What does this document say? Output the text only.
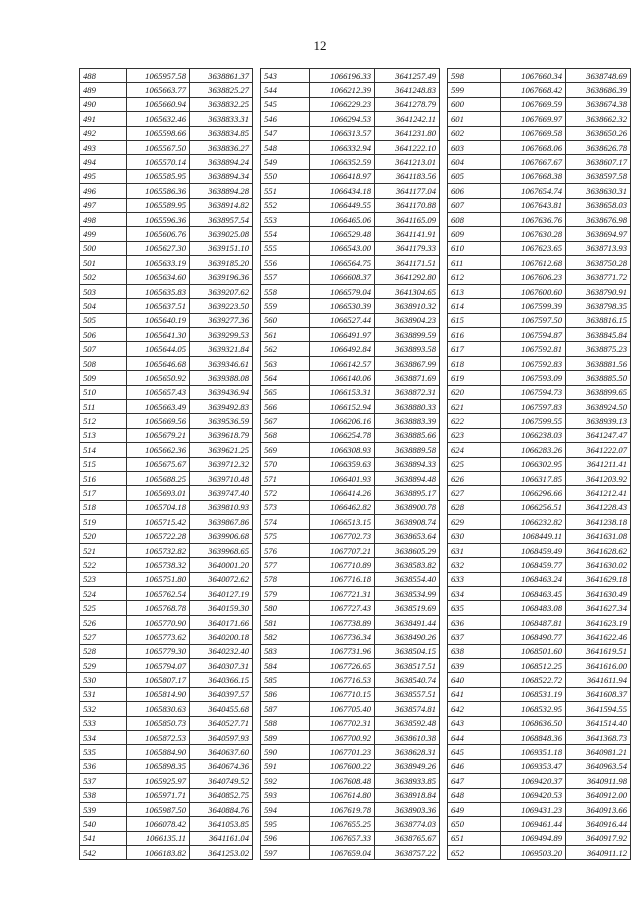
12
488	1065957.58	3638861.37
489	1065663.77	3638825.27
490	1065660.94	3638832.25
491	1065632.46	3638833.31
492	1065598.66	3638834.85
493	1065567.50	3638836.27
494	1065570.14	3638894.24
495	1065585.95	3638894.34
496	1065586.36	3638894.28
497	1065589.95	3638914.82
498	1065596.36	3638957.54
499	1065606.76	3639025.08
500	1065627.30	3639151.10
501	1065633.19	3639185.20
502	1065634.60	3639196.36
503	1065635.83	3639207.62
504	1065637.51	3639223.50
505	1065640.19	3639277.36
506	1065641.30	3639299.53
507	1065644.05	3639321.84
508	1065646.68	3639346.61
509	1065650.92	3639388.08
510	1065657.43	3639436.94
511	1065663.49	3639492.83
512	1065669.56	3639536.59
513	1065679.21	3639618.79
514	1065662.36	3639621.25
515	1065675.67	3639712.32
516	1065688.25	3639710.48
517	1065693.01	3639747.40
518	1065704.18	3639810.93
519	1065715.42	3639867.86
520	1065722.28	3639906.68
521	1065732.82	3639968.65
522	1065738.32	3640001.20
523	1065751.80	3640072.62
524	1065762.54	3640127.19
525	1065768.78	3640159.30
526	1065770.90	3640171.66
527	1065773.62	3640200.18
528	1065779.30	3640232.40
529	1065794.07	3640307.31
530	1065807.17	3640366.15
531	1065814.90	3640397.57
532	1065830.63	3640455.68
533	1065850.73	3640527.71
534	1065872.53	3640597.93
535	1065884.90	3640637.60
536	1065898.35	3640674.36
537	1065925.97	3640749.52
538	1065971.71	3640852.75
539	1065987.50	3640884.76
540	1066078.42	3641053.85
541	1066135.11	3641161.04
542	1066183.82	3641253.02
543	1066196.33	3641257.49
544	1066212.39	3641248.83
545	1066229.23	3641278.79
546	1066294.53	3641242.11
547	1066313.57	3641231.80
548	1066332.94	3641222.10
549	1066352.59	3641213.01
550	1066418.97	3641183.56
551	1066434.18	3641177.04
552	1066449.55	3641170.88
553	1066465.06	3641165.09
554	1066529.48	3641141.91
555	1066543.00	3641179.33
556	1066564.75	3641171.51
557	1066608.37	3641292.80
558	1066579.04	3641304.65
559	1066530.39	3638910.32
560	1066527.44	3638904.23
561	1066491.97	3638899.59
562	1066492.84	3638893.58
563	1066142.57	3638867.99
564	1066140.06	3638871.69
565	1066153.31	3638872.31
566	1066152.94	3638880.33
567	1066206.16	3638883.39
568	1066254.78	3638885.66
569	1066308.93	3638889.58
570	1066359.63	3638894.33
571	1066401.93	3638894.48
572	1066414.26	3638895.17
573	1066462.82	3638900.78
574	1066513.15	3638908.74
575	1067702.73	3638653.64
576	1067707.21	3638605.29
577	1067710.89	3638583.82
578	1067716.18	3638554.40
579	1067721.31	3638534.99
580	1067727.43	3638519.69
581	1067738.89	3638491.44
582	1067736.34	3638490.26
583	1067731.96	3638504.15
584	1067726.65	3638517.51
585	1067716.53	3638540.74
586	1067710.15	3638557.51
587	1067705.40	3638574.81
588	1067702.31	3638592.48
589	1067700.92	3638610.38
590	1067701.23	3638628.31
591	1067600.22	3638949.26
592	1067608.48	3638933.85
593	1067614.80	3638918.84
594	1067619.78	3638903.36
595	1067655.25	3638774.03
596	1067657.33	3638765.67
597	1067659.04	3638757.22
598	1067660.34	3638748.69
599	1067668.42	3638686.39
600	1067669.59	3638674.38
601	1067669.97	3638662.32
602	1067669.58	3638650.26
603	1067668.06	3638626.78
604	1067667.67	3638607.17
605	1067668.38	3638597.58
606	1067654.74	3638630.31
607	1067643.81	3638658.03
608	1067636.76	3638676.98
609	1067630.28	3638694.97
610	1067623.65	3638713.93
611	1067612.68	3638750.28
612	1067606.23	3638771.72
613	1067600.60	3638790.91
614	1067599.39	3638798.35
615	1067597.50	3638816.15
616	1067594.87	3638845.84
617	1067592.81	3638875.23
618	1067592.83	3638881.56
619	1067593.09	3638885.50
620	1067594.73	3638899.65
621	1067597.83	3638924.50
622	1067599.55	3638939.13
623	1066238.03	3641247.47
624	1066283.26	3641222.07
625	1066302.95	3641211.41
626	1066317.85	3641203.92
627	1066296.66	3641212.41
628	1066256.51	3641228.43
629	1066232.82	3641238.18
630	1068449.11	3641631.08
631	1068459.49	3641628.62
632	1068459.77	3641630.02
633	1068463.24	3641629.18
634	1068463.45	3641630.49
635	1068483.08	3641627.34
636	1068487.81	3641623.19
637	1068490.77	3641622.46
638	1068501.60	3641619.51
639	1068512.25	3641616.00
640	1068522.72	3641611.94
641	1068531.19	3641608.37
642	1068532.95	3641594.55
643	1068636.50	3641514.40
644	1068848.36	3641368.73
645	1069351.18	3640981.21
646	1069353.47	3640963.54
647	1069420.37	3640911.98
648	1069420.53	3640912.00
649	1069431.23	3640913.66
650	1069461.44	3640916.44
651	1069494.89	3640917.92
652	1069503.20	3640911.12
